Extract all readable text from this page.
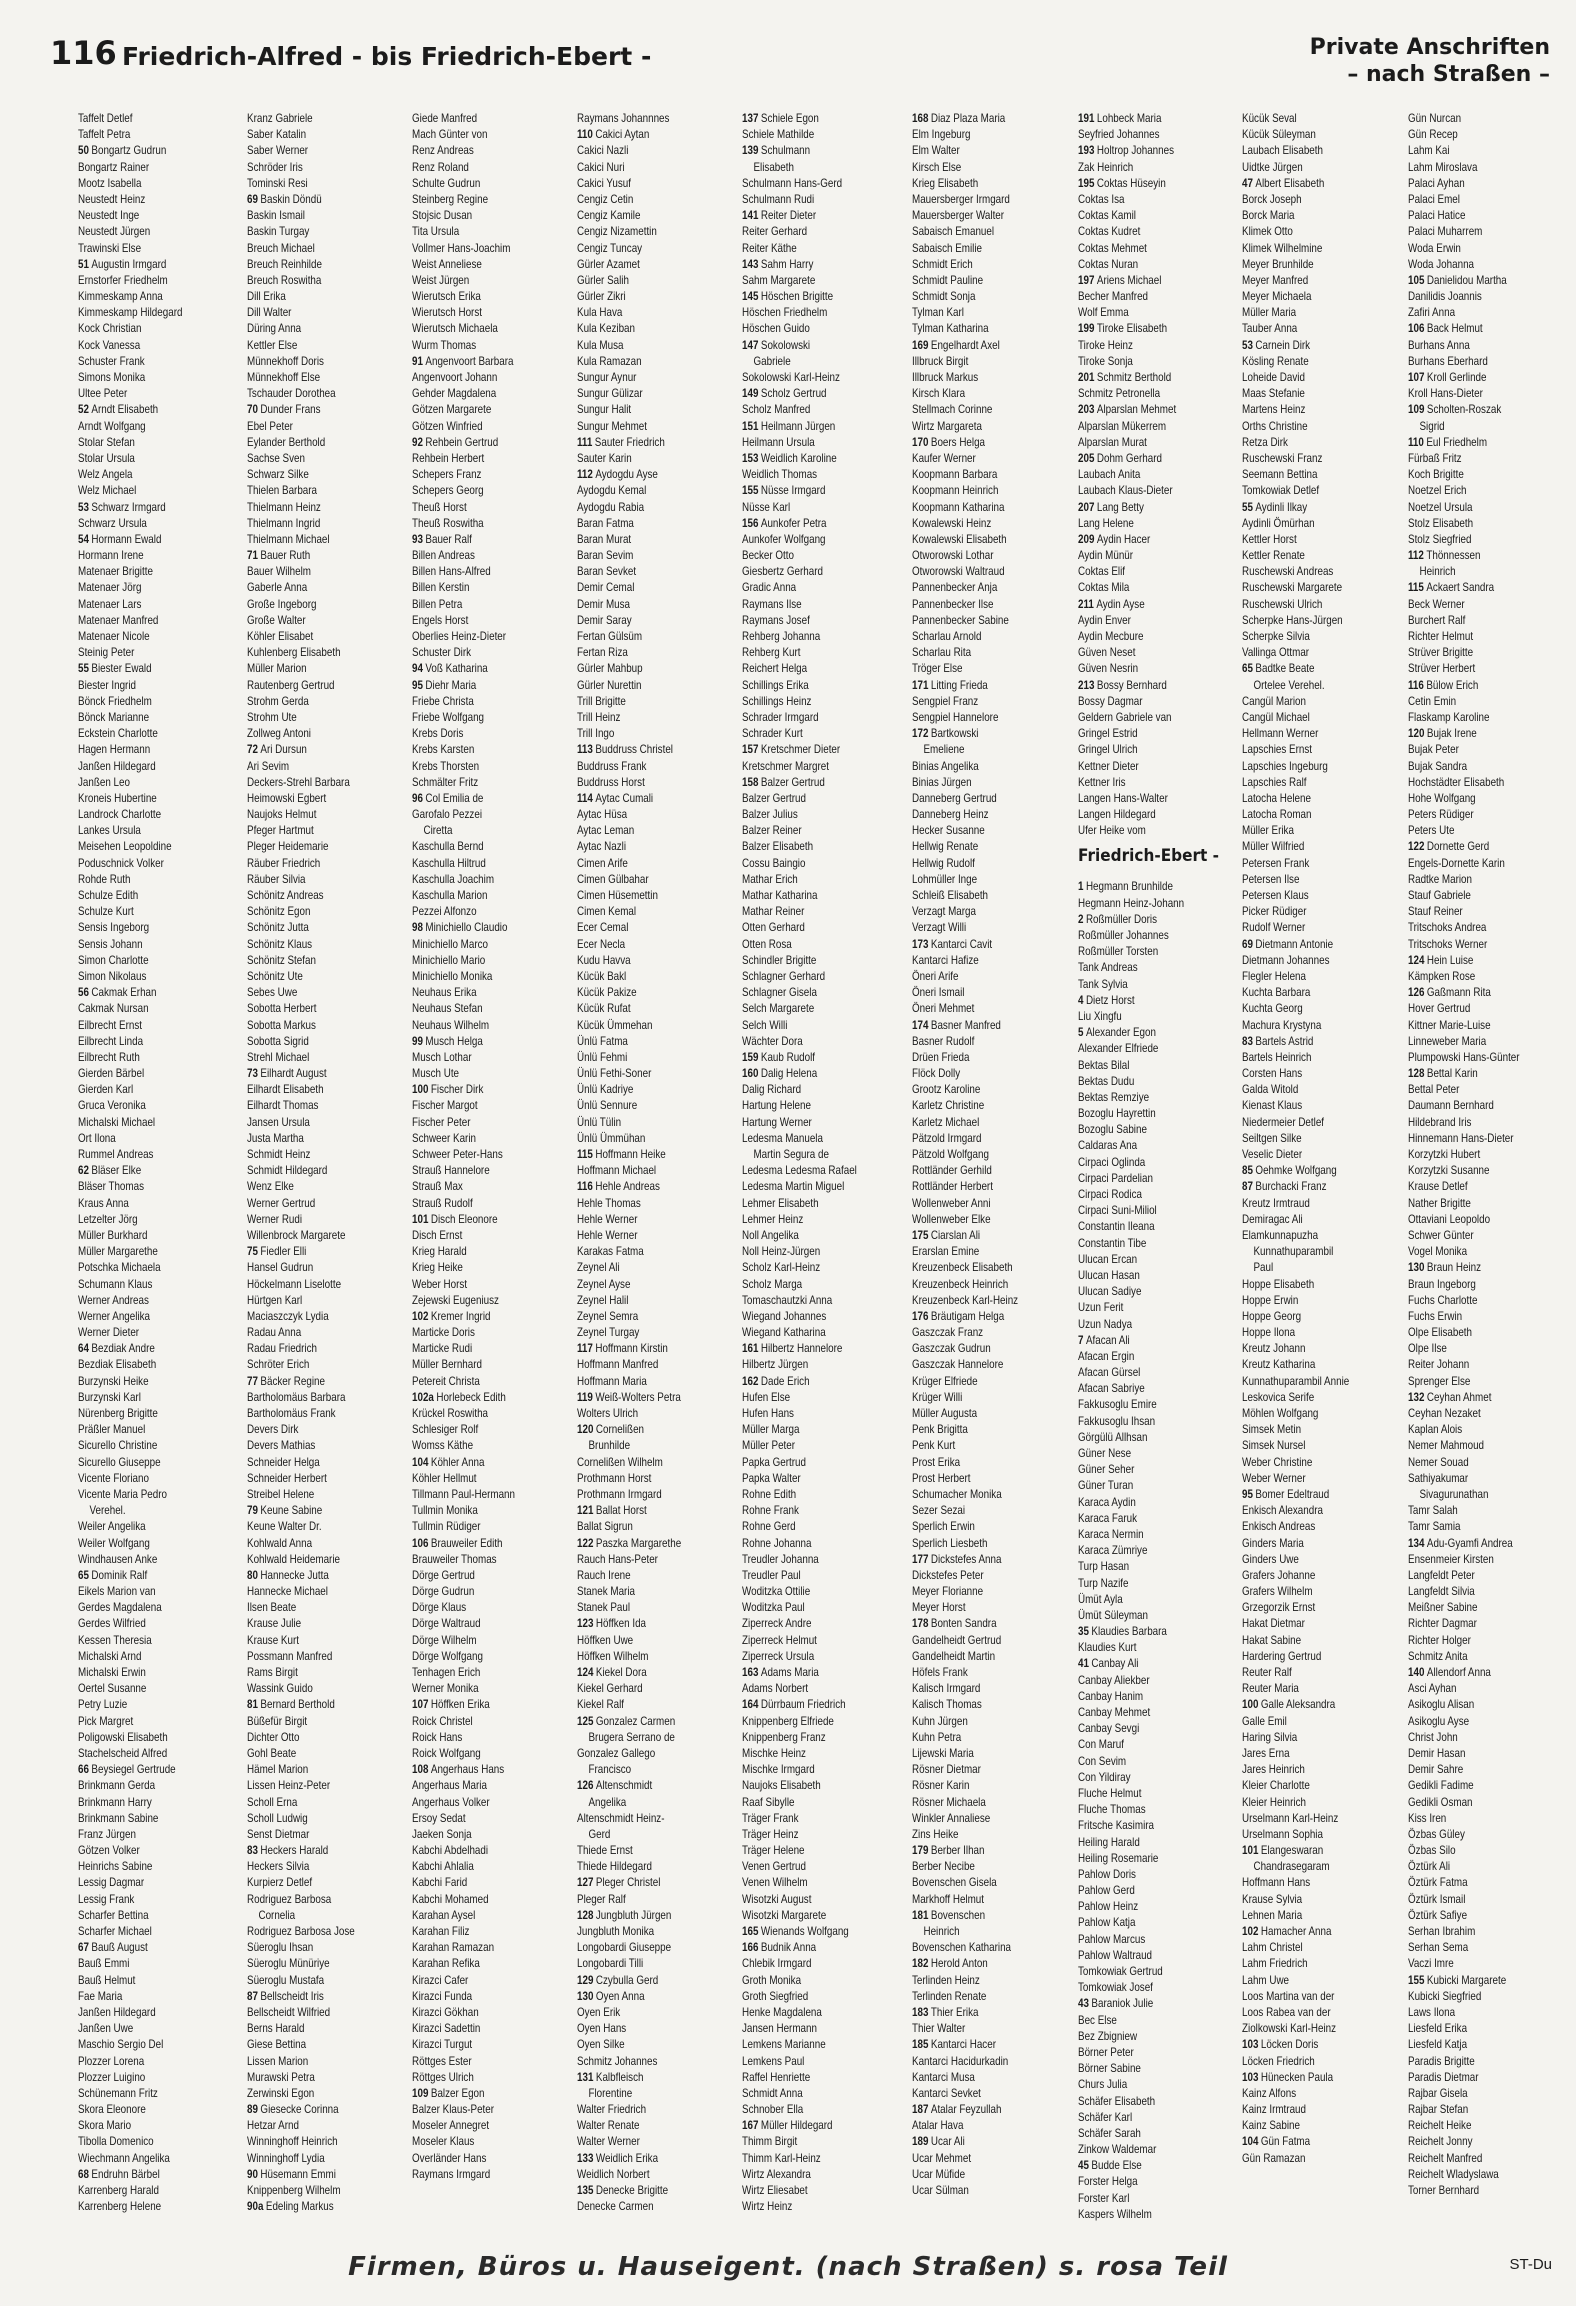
116 Friedrich-Alfred - bis Friedrich-Ebert -	Private Anschriften
– nach Straßen –
Taffelt Detlef
Taffelt Petra
50 Bongartz Gudrun
Bongartz Rainer
Mootz Isabella
Neustedt Heinz
Neustedt Inge
Neustedt Jürgen
Trawinski Else
51 Augustin Irmgard
Ernstorfer Friedhelm
Kimmeskamp Anna
Kimmeskamp Hildegard
Kock Christian
Kock Vanessa
Schuster Frank
Simons Monika
Ultee Peter
52 Arndt Elisabeth
Arndt Wolfgang
Stolar Stefan
Stolar Ursula
Welz Angela
Welz Michael
53 Schwarz Irmgard
Schwarz Ursula
54 Hormann Ewald
Hormann Irene
Matenaer Brigitte
Matenaer Jörg
Matenaer Lars
Matenaer Manfred
Matenaer Nicole
Steinig Peter
55 Biester Ewald
Biester Ingrid
Bönck Friedhelm
Bönck Marianne
Eckstein Charlotte
Hagen Hermann
Janßen Hildegard
Janßen Leo
Kroneis Hubertine
Landrock Charlotte
Lankes Ursula
Meisehen Leopoldine
Poduschnick Volker
Rohde Ruth
Schulze Edith
Schulze Kurt
Sensis Ingeborg
Sensis Johann
Simon Charlotte
Simon Nikolaus
56 Cakmak Erhan
Cakmak Nursan
Eilbrecht Ernst
Eilbrecht Linda
Eilbrecht Ruth
Gierden Bärbel
Gierden Karl
Gruca Veronika
Michalski Michael
Ort Ilona
Rummel Andreas
62 Bläser Elke
Bläser Thomas
Kraus Anna
Letzelter Jörg
Müller Burkhard
Müller Margarethe
Potschka Michaela
Schumann Klaus
Werner Andreas
Werner Angelika
Werner Dieter
64 Bezdiak Andre
Bezdiak Elisabeth
Burzynski Heike
Burzynski Karl
Nürenberg Brigitte
Präßler Manuel
Sicurello Christine
Sicurello Giuseppe
Vicente Floriano
Vicente Maria Pedro
Verehel.
Weiler Angelika
Weiler Wolfgang
Windhausen Anke
65 Dominik Ralf
Eikels Marion van
Gerdes Magdalena
Gerdes Wilfried
Kessen Theresia
Michalski Arnd
Michalski Erwin
Oertel Susanne
Petry Luzie
Pick Margret
Poligowski Elisabeth
Stachelscheid Alfred
66 Beysiegel Gertrude
Brinkmann Gerda
Brinkmann Harry
Brinkmann Sabine
Franz Jürgen
Götzen Volker
Heinrichs Sabine
Lessig Dagmar
Lessig Frank
Scharfer Bettina
Scharfer Michael
67 Bauß August
Bauß Emmi
Bauß Helmut
Fae Maria
Janßen Hildegard
Janßen Uwe
Maschio Sergio Del
Plozzer Lorena
Plozzer Luigino
Schünemann Fritz
Skora Eleonore
Skora Mario
Tibolla Domenico
Wiechmann Angelika
68 Endruhn Bärbel
Karrenberg Harald
Karrenberg Helene
Kranz Gabriele
Saber Katalin
Saber Werner
Schröder Iris
Tominski Resi
69 Baskin Döndü
Baskin Ismail
Baskin Turgay
Breuch Michael
Breuch Reinhilde
Breuch Roswitha
Dill Erika
Dill Walter
Düring Anna
Kettler Else
Münnekhoff Doris
Münnekhoff Else
Tschauder Dorothea
70 Dunder Frans
Ebel Peter
Eylander Berthold
Sachse Sven
Schwarz Silke
Thielen Barbara
Thielmann Heinz
Thielmann Ingrid
Thielmann Michael
71 Bauer Ruth
Bauer Wilhelm
Gaberle Anna
Große Ingeborg
Große Walter
Köhler Elisabet
Kuhlenberg Elisabeth
Müller Marion
Rautenberg Gertrud
Strohm Gerda
Strohm Ute
Zollweg Antoni
72 Ari Dursun
Ari Sevim
Deckers-Strehl Barbara
Heimowski Egbert
Naujoks Helmut
Pfeger Hartmut
Pleger Heidemarie
Räuber Friedrich
Räuber Silvia
Schönitz Andreas
Schönitz Egon
Schönitz Jutta
Schönitz Klaus
Schönitz Stefan
Schönitz Ute
Sebes Uwe
Sobotta Herbert
Sobotta Markus
Sobotta Sigrid
Strehl Michael
73 Eilhardt August
Eilhardt Elisabeth
Eilhardt Thomas
Jansen Ursula
Justa Martha
Schmidt Heinz
Schmidt Hildegard
Wenz Elke
Werner Gertrud
Werner Rudi
Willenbrock Margarete
75 Fiedler Elli
Hansel Gudrun
Höckelmann Liselotte
Hürtgen Karl
Maciaszczyk Lydia
Radau Anna
Radau Friedrich
Schröter Erich
77 Bäcker Regine
Bartholomäus Barbara
Bartholomäus Frank
Devers Dirk
Devers Mathias
Schneider Helga
Schneider Herbert
Streibel Helene
79 Keune Sabine
Keune Walter Dr.
Kohlwald Anna
Kohlwald Heidemarie
80 Hannecke Jutta
Hannecke Michael
Ilsen Beate
Krause Julie
Krause Kurt
Possmann Manfred
Rams Birgit
Wassink Guido
81 Bernard Berthold
Büßefür Birgit
Dichter Otto
Gohl Beate
Hämel Marion
Lissen Heinz-Peter
Scholl Erna
Scholl Ludwig
Senst Dietmar
83 Heckers Harald
Heckers Silvia
Kurpierz Detlef
Rodriguez Barbosa
Cornelia
Rodriguez Barbosa Jose
Süeroglu Ihsan
Süeroglu Münüriye
Süeroglu Mustafa
87 Bellscheidt Iris
Bellscheidt Wilfried
Berns Harald
Giese Bettina
Lissen Marion
Murawski Petra
Zerwinski Egon
89 Giesecke Corinna
Hetzar Arnd
Winninghoff Heinrich
Winninghoff Lydia
90 Hüsemann Emmi
Knippenberg Wilhelm
90a Edeling Markus
Giede Manfred
Mach Günter von
Renz Andreas
Renz Roland
Schulte Gudrun
Steinberg Regine
Stojsic Dusan
Tita Ursula
Vollmer Hans-Joachim
Weist Anneliese
Weist Jürgen
Wierutsch Erika
Wierutsch Horst
Wierutsch Michaela
Wurm Thomas
91 Angenvoort Barbara
Angenvoort Johann
Gehder Magdalena
Götzen Margarete
Götzen Winfried
92 Rehbein Gertrud
Rehbein Herbert
Schepers Franz
Schepers Georg
Theuß Horst
Theuß Roswitha
93 Bauer Ralf
Billen Andreas
Billen Hans-Alfred
Billen Kerstin
Billen Petra
Engels Horst
Oberlies Heinz-Dieter
Schuster Dirk
94 Voß Katharina
95 Diehr Maria
Friebe Christa
Friebe Wolfgang
Krebs Doris
Krebs Karsten
Krebs Thorsten
Schmälter Fritz
96 Col Emilia de
Garofalo Pezzei
Ciretta
Kaschulla Bernd
Kaschulla Hiltrud
Kaschulla Joachim
Kaschulla Marion
Pezzei Alfonzo
98 Minichiello Claudio
Minichiello Marco
Minichiello Mario
Minichiello Monika
Neuhaus Erika
Neuhaus Stefan
Neuhaus Wilhelm
99 Musch Helga
Musch Lothar
Musch Ute
100 Fischer Dirk
Fischer Margot
Fischer Peter
Schweer Karin
Schweer Peter-Hans
Strauß Hannelore
Strauß Max
Strauß Rudolf
101 Disch Eleonore
Disch Ernst
Krieg Harald
Krieg Heike
Weber Horst
Zejewski Eugeniusz
102 Kremer Ingrid
Marticke Doris
Marticke Rudi
Müller Bernhard
Petereit Christa
102a Horlebeck Edith
Krückel Roswitha
Schlesiger Rolf
Womss Käthe
104 Köhler Anna
Köhler Hellmut
Tillmann Paul-Hermann
Tullmin Monika
Tullmin Rüdiger
106 Brauweiler Edith
Brauweiler Thomas
Dörge Gertrud
Dörge Gudrun
Dörge Klaus
Dörge Waltraud
Dörge Wilhelm
Dörge Wolfgang
Tenhagen Erich
Werner Monika
107 Höffken Erika
Roick Christel
Roick Hans
Roick Wolfgang
108 Angerhaus Hans
Angerhaus Maria
Angerhaus Volker
Ersoy Sedat
Jaeken Sonja
Kabchi Abdelhadi
Kabchi Ahlalia
Kabchi Farid
Kabchi Mohamed
Karahan Aysel
Karahan Filiz
Karahan Ramazan
Karahan Refika
Kirazci Cafer
Kirazci Funda
Kirazci Gökhan
Kirazci Sadettin
Kirazci Turgut
Röttges Ester
Röttges Ulrich
109 Balzer Egon
Balzer Klaus-Peter
Moseler Annegret
Moseler Klaus
Overländer Hans
Raymans Irmgard
Raymans Johannnes
110 Cakici Aytan
Cakici Nazli
Cakici Nuri
Cakici Yusuf
Cengiz Cetin
Cengiz Kamile
Cengiz Nizamettin
Cengiz Tuncay
Gürler Azamet
Gürler Salih
Gürler Zikri
Kula Hava
Kula Keziban
Kula Musa
Kula Ramazan
Sungur Aynur
Sungur Gülizar
Sungur Halit
Sungur Mehmet
111 Sauter Friedrich
Sauter Karin
112 Aydogdu Ayse
Aydogdu Kemal
Aydogdu Rabia
Baran Fatma
Baran Murat
Baran Sevim
Baran Sevket
Demir Cemal
Demir Musa
Demir Saray
Fertan Gülsüm
Fertan Riza
Gürler Mahbup
Gürler Nurettin
Trill Brigitte
Trill Heinz
Trill Ingo
113 Buddruss Christel
Buddruss Frank
Buddruss Horst
114 Aytac Cumali
Aytac Hüsa
Aytac Leman
Aytac Nazli
Cimen Arife
Cimen Gülbahar
Cimen Hüsemettin
Cimen Kemal
Ecer Cemal
Ecer Necla
Kudu Havva
Kücük Bakl
Kücük Pakize
Kücük Rufat
Kücük Ümmehan
Ünlü Fatma
Ünlü Fehmi
Ünlü Fethi-Soner
Ünlü Kadriye
Ünlü Sennure
Ünlü Tülin
Ünlü Ümmühan
115 Hoffmann Heike
Hoffmann Michael
116 Hehle Andreas
Hehle Thomas
Hehle Werner
Hehle Werner
Karakas Fatma
Zeynel Ali
Zeynel Ayse
Zeynel Halil
Zeynel Semra
Zeynel Turgay
117 Hoffmann Kirstin
Hoffmann Manfred
Hoffmann Maria
119 Weiß-Wolters Petra
Wolters Ulrich
120 Cornelißen
Brunhilde
Cornelißen Wilhelm
Prothmann Horst
Prothmann Irmgard
121 Ballat Horst
Ballat Sigrun
122 Paszka Margarethe
Rauch Hans-Peter
Rauch Irene
Stanek Maria
Stanek Paul
123 Höffken Ida
Höffken Uwe
Höffken Wilhelm
124 Kiekel Dora
Kiekel Gerhard
Kiekel Ralf
125 Gonzalez Carmen
Brugera Serrano de
Gonzalez Gallego
Francisco
126 Altenschmidt
Angelika
Altenschmidt Heinz-
Gerd
Thiede Ernst
Thiede Hildegard
127 Pleger Christel
Pleger Ralf
128 Jungbluth Jürgen
Jungbluth Monika
Longobardi Giuseppe
Longobardi Tilli
129 Czybulla Gerd
130 Oyen Anna
Oyen Erik
Oyen Hans
Oyen Silke
Schmitz Johannes
131 Kalbfleisch
Florentine
Walter Friedrich
Walter Renate
Walter Werner
133 Weidlich Erika
Weidlich Norbert
135 Denecke Brigitte
Denecke Carmen
137 Schiele Egon
Schiele Mathilde
139 Schulmann
Elisabeth
Schulmann Hans-Gerd
Schulmann Rudi
141 Reiter Dieter
Reiter Gerhard
Reiter Käthe
143 Sahm Harry
Sahm Margarete
145 Höschen Brigitte
Höschen Friedhelm
Höschen Guido
147 Sokolowski
Gabriele
Sokolowski Karl-Heinz
149 Scholz Gertrud
Scholz Manfred
151 Heilmann Jürgen
Heilmann Ursula
153 Weidlich Karoline
Weidlich Thomas
155 Nüsse Irmgard
Nüsse Karl
156 Aunkofer Petra
Aunkofer Wolfgang
Becker Otto
Giesbertz Gerhard
Gradic Anna
Raymans Ilse
Raymans Josef
Rehberg Johanna
Rehberg Kurt
Reichert Helga
Schillings Erika
Schillings Heinz
Schrader Irmgard
Schrader Kurt
157 Kretschmer Dieter
Kretschmer Margret
158 Balzer Gertrud
Balzer Gertrud
Balzer Julius
Balzer Reiner
Balzer Elisabeth
Cossu Baingio
Mathar Erich
Mathar Katharina
Mathar Reiner
Otten Gerhard
Otten Rosa
Schindler Brigitte
Schlagner Gerhard
Schlagner Gisela
Selch Margarete
Selch Willi
Wächter Dora
159 Kaub Rudolf
160 Dalig Helena
Dalig Richard
Hartung Helene
Hartung Werner
Ledesma Manuela
Martin Segura de
Ledesma Ledesma Rafael
Ledesma Martin Miguel
Lehmer Elisabeth
Lehmer Heinz
Noll Angelika
Noll Heinz-Jürgen
Scholz Karl-Heinz
Scholz Marga
Tomaschautzki Anna
Wiegand Johannes
Wiegand Katharina
161 Hilbertz Hannelore
Hilbertz Jürgen
162 Dade Erich
Hufen Else
Hufen Hans
Müller Marga
Müller Peter
Papka Gertrud
Papka Walter
Rohne Edith
Rohne Frank
Rohne Gerd
Rohne Johanna
Treudler Johanna
Treudler Paul
Woditzka Ottilie
Woditzka Paul
Ziperreck Andre
Ziperreck Helmut
Ziperreck Ursula
163 Adams Maria
Adams Norbert
164 Dürrbaum Friedrich
Knippenberg Elfriede
Knippenberg Franz
Mischke Heinz
Mischke Irmgard
Naujoks Elisabeth
Raaf Sibylle
Träger Frank
Träger Heinz
Träger Helene
Venen Gertrud
Venen Wilhelm
Wisotzki August
Wisotzki Margarete
165 Wienands Wolfgang
166 Budnik Anna
Chlebik Irmgard
Groth Monika
Groth Siegfried
Henke Magdalena
Jansen Hermann
Lemkens Marianne
Lemkens Paul
Raffel Henriette
Schmidt Anna
Schnober Ella
167 Müller Hildegard
Thimm Birgit
Thimm Karl-Heinz
Wirtz Alexandra
Wirtz Eliesabet
Wirtz Heinz
168 Diaz Plaza Maria
Elm Ingeburg
Elm Walter
Kirsch Else
Krieg Elisabeth
Mauersberger Irmgard
Mauersberger Walter
Sabaisch Emanuel
Sabaisch Emilie
Schmidt Erich
Schmidt Pauline
Schmidt Sonja
Tylman Karl
Tylman Katharina
169 Engelhardt Axel
Illbruck Birgit
Illbruck Markus
Kirsch Klara
Stellmach Corinne
Wirtz Margareta
170 Boers Helga
Kaufer Werner
Koopmann Barbara
Koopmann Heinrich
Koopmann Katharina
Kowalewski Heinz
Kowalewski Elisabeth
Otworowski Lothar
Otworowski Waltraud
Pannenbecker Anja
Pannenbecker Ilse
Pannenbecker Sabine
Scharlau Arnold
Scharlau Rita
Tröger Else
171 Litting Frieda
Sengpiel Franz
Sengpiel Hannelore
172 Bartkowski
Emeliene
Binias Angelika
Binias Jürgen
Danneberg Gertrud
Danneberg Heinz
Hecker Susanne
Hellwig Renate
Hellwig Rudolf
Lohmüller Inge
Schleiß Elisabeth
Verzagt Marga
Verzagt Willi
173 Kantarci Cavit
Kantarci Hafize
Öneri Arife
Öneri Ismail
Öneri Mehmet
174 Basner Manfred
Basner Rudolf
Drüen Frieda
Flöck Dolly
Grootz Karoline
Karletz Christine
Karletz Michael
Pätzold Irmgard
Pätzold Wolfgang
Rottländer Gerhild
Rottländer Herbert
Wollenweber Anni
Wollenweber Elke
175 Ciarslan Ali
Erarslan Emine
Kreuzenbeck Elisabeth
Kreuzenbeck Heinrich
Kreuzenbeck Karl-Heinz
176 Bräutigam Helga
Gaszczak Franz
Gaszczak Gudrun
Gaszczak Hannelore
Krüger Elfriede
Krüger Willi
Müller Augusta
Penk Brigitta
Penk Kurt
Prost Erika
Prost Herbert
Schumacher Monika
Sezer Sezai
Sperlich Erwin
Sperlich Liesbeth
177 Dickstefes Anna
Dickstefes Peter
Meyer Florianne
Meyer Horst
178 Bonten Sandra
Gandelheidt Gertrud
Gandelheidt Martin
Höfels Frank
Kalisch Irmgard
Kalisch Thomas
Kuhn Jürgen
Kuhn Petra
Lijewski Maria
Rösner Dietmar
Rösner Karin
Rösner Michaela
Winkler Annaliese
Zins Heike
179 Berber Ilhan
Berber Necibe
Bovenschen Gisela
Markhoff Helmut
181 Bovenschen
Heinrich
Bovenschen Katharina
182 Herold Anton
Terlinden Heinz
Terlinden Renate
183 Thier Erika
Thier Walter
185 Kantarci Hacer
Kantarci Hacidurkadin
Kantarci Musa
Kantarci Sevket
187 Atalar Feyzullah
Atalar Hava
189 Ucar Ali
Ucar Mehmet
Ucar Müfide
Ucar Sülman
191 Lohbeck Maria
Seyfried Johannes
193 Holtrop Johannes
Zak Heinrich
195 Coktas Hüseyin
Coktas Isa
Coktas Kamil
Coktas Kudret
Coktas Mehmet
Coktas Nuran
197 Ariens Michael
Becher Manfred
Wolf Emma
199 Tiroke Elisabeth
Tiroke Heinz
Tiroke Sonja
201 Schmitz Berthold
Schmitz Petronella
203 Alparslan Mehmet
Alparslan Mükerrem
Alparslan Murat
205 Dohm Gerhard
Laubach Anita
Laubach Klaus-Dieter
207 Lang Betty
Lang Helene
209 Aydin Hacer
Aydin Münür
Coktas Elif
Coktas Mila
211 Aydin Ayse
Aydin Enver
Aydin Mecbure
Güven Neset
Güven Nesrin
213 Bossy Bernhard
Bossy Dagmar
Geldern Gabriele van
Gringel Estrid
Gringel Ulrich
Kettner Dieter
Kettner Iris
Langen Hans-Walter
Langen Hildegard
Ufer Heike vom
Friedrich-Ebert -
1 Hegmann Brunhilde
Hegmann Heinz-Johann
2 Roßmüller Doris
Roßmüller Johannes
Roßmüller Torsten
Tank Andreas
Tank Sylvia
4 Dietz Horst
Liu Xingfu
5 Alexander Egon
Alexander Elfriede
Bektas Bilal
Bektas Dudu
Bektas Remziye
Bozoglu Hayrettin
Bozoglu Sabine
Caldaras Ana
Cirpaci Oglinda
Cirpaci Pardelian
Cirpaci Rodica
Cirpaci Suni-Miliol
Constantin Ileana
Constantin Tibe
Ulucan Ercan
Ulucan Hasan
Ulucan Sadiye
Uzun Ferit
Uzun Nadya
7 Afacan Ali
Afacan Ergin
Afacan Gürsel
Afacan Sabriye
Fakkusoglu Emire
Fakkusoglu Ihsan
Görgülü Allhsan
Güner Nese
Güner Seher
Güner Turan
Karaca Aydin
Karaca Faruk
Karaca Nermin
Karaca Zümriye
Turp Hasan
Turp Nazife
Ümüt Ayla
Ümüt Süleyman
35 Klaudies Barbara
Klaudies Kurt
41 Canbay Ali
Canbay Aliekber
Canbay Hanim
Canbay Mehmet
Canbay Sevgi
Con Maruf
Con Sevim
Con Yildiray
Fluche Helmut
Fluche Thomas
Fritsche Kasimira
Heiling Harald
Heiling Rosemarie
Pahlow Doris
Pahlow Gerd
Pahlow Heinz
Pahlow Katja
Pahlow Marcus
Pahlow Waltraud
Tomkowiak Gertrud
Tomkowiak Josef
43 Baraniok Julie
Bec Else
Bez Zbigniew
Börner Peter
Börner Sabine
Churs Julia
Schäfer Elisabeth
Schäfer Karl
Schäfer Sarah
Zinkow Waldemar
45 Budde Else
Forster Helga
Forster Karl
Kaspers Wilhelm
Kücük Seval
Kücük Süleyman
Laubach Elisabeth
Uidtke Jürgen
47 Albert Elisabeth
Borck Joseph
Borck Maria
Klimek Otto
Klimek Wilhelmine
Meyer Brunhilde
Meyer Manfred
Meyer Michaela
Müller Maria
Tauber Anna
53 Carnein Dirk
Kösling Renate
Loheide David
Maas Stefanie
Martens Heinz
Orths Christine
Retza Dirk
Ruschewski Franz
Seemann Bettina
Tomkowiak Detlef
55 Aydinli Ilkay
Aydinli Ömürhan
Kettler Horst
Kettler Renate
Ruschewski Andreas
Ruschewski Margarete
Ruschewski Ulrich
Scherpke Hans-Jürgen
Scherpke Silvia
Vallinga Ottmar
65 Badtke Beate
Ortelee Verehel.
Cangül Marion
Cangül Michael
Hellmann Werner
Lapschies Ernst
Lapschies Ingeburg
Lapschies Ralf
Latocha Helene
Latocha Roman
Müller Erika
Müller Wilfried
Petersen Frank
Petersen Ilse
Petersen Klaus
Picker Rüdiger
Rudolf Werner
69 Dietmann Antonie
Dietmann Johannes
Flegler Helena
Kuchta Barbara
Kuchta Georg
Machura Krystyna
83 Bartels Astrid
Bartels Heinrich
Corsten Hans
Galda Witold
Kienast Klaus
Niedermeier Detlef
Seiltgen Silke
Veselic Dieter
85 Oehmke Wolfgang
87 Burchacki Franz
Kreutz Irmtraud
Demiragac Ali
Elamkunnapuzha
Kunnathuparambil
Paul
Hoppe Elisabeth
Hoppe Erwin
Hoppe Georg
Hoppe Ilona
Kreutz Johann
Kreutz Katharina
Kunnathuparambil Annie
Leskovica Serife
Möhlen Wolfgang
Simsek Metin
Simsek Nursel
Weber Christine
Weber Werner
95 Bomer Edeltraud
Enkisch Alexandra
Enkisch Andreas
Ginders Maria
Ginders Uwe
Grafers Johanne
Grafers Wilhelm
Grzegorzik Ernst
Hakat Dietmar
Hakat Sabine
Hardering Gertrud
Reuter Ralf
Reuter Maria
100 Galle Aleksandra
Galle Emil
Haring Silvia
Jares Erna
Jares Heinrich
Kleier Charlotte
Kleier Heinrich
Urselmann Karl-Heinz
Urselmann Sophia
101 Elangeswaran
Chandrasegaram
Hoffmann Hans
Krause Sylvia
Lehnen Maria
102 Hamacher Anna
Lahm Christel
Lahm Friedrich
Lahm Uwe
Loos Martina van der
Loos Rabea van der
Ziolkowski Karl-Heinz
103 Löcken Doris
Löcken Friedrich
103 Hünecken Paula
Kainz Alfons
Kainz Irmtraud
Kainz Sabine
104 Gün Fatma
Gün Ramazan
Gün Nurcan
Gün Recep
Lahm Kai
Lahm Miroslava
Palaci Ayhan
Palaci Emel
Palaci Hatice
Palaci Muharrem
Woda Erwin
Woda Johanna
105 Danielidou Martha
Danilidis Joannis
Zafiri Anna
106 Back Helmut
Burhans Anna
Burhans Eberhard
107 Kroll Gerlinde
Kroll Hans-Dieter
109 Scholten-Roszak
Sigrid
110 Eul Friedhelm
Fürbaß Fritz
Koch Brigitte
Noetzel Erich
Noetzel Ursula
Stolz Elisabeth
Stolz Siegfried
112 Thönnessen
Heinrich
115 Ackaert Sandra
Beck Werner
Burchert Ralf
Richter Helmut
Strüver Brigitte
Strüver Herbert
116 Bülow Erich
Cetin Emin
Flaskamp Karoline
120 Bujak Irene
Bujak Peter
Bujak Sandra
Hochstädter Elisabeth
Hohe Wolfgang
Peters Rüdiger
Peters Ute
122 Dornette Gerd
Engels-Dornette Karin
Radtke Marion
Stauf Gabriele
Stauf Reiner
Tritschoks Andrea
Tritschoks Werner
124 Hein Luise
Kämpken Rose
126 Gaßmann Rita
Hover Gertrud
Kittner Marie-Luise
Linneweber Maria
Plumpowski Hans-Günter
128 Bettal Karin
Bettal Peter
Daumann Bernhard
Hildebrand Iris
Hinnemann Hans-Dieter
Korzytzki Hubert
Korzytzki Susanne
Krause Detlef
Nather Brigitte
Ottaviani Leopoldo
Schwer Günter
Vogel Monika
130 Braun Heinz
Braun Ingeborg
Fuchs Charlotte
Fuchs Erwin
Olpe Elisabeth
Olpe Ilse
Reiter Johann
Sprenger Else
132 Ceyhan Ahmet
Ceyhan Nezaket
Kaplan Alois
Nemer Mahmoud
Nemer Souad
Sathiyakumar
Sivagurunathan
Tamr Salah
Tamr Samia
134 Adu-Gyamfi Andrea
Ensenmeier Kirsten
Langfeldt Peter
Langfeldt Silvia
Meißner Sabine
Richter Dagmar
Richter Holger
Schmitz Anita
140 Allendorf Anna
Asci Ayhan
Asikoglu Alisan
Asikoglu Ayse
Christ John
Demir Hasan
Demir Sahre
Gedikli Fadime
Gedikli Osman
Kiss Iren
Özbas Güley
Özbas Silo
Öztürk Ali
Öztürk Fatma
Öztürk Ismail
Öztürk Safiye
Serhan Ibrahim
Serhan Sema
Vaczi Imre
155 Kubicki Margarete
Kubicki Siegfried
Laws Ilona
Liesfeld Erika
Liesfeld Katja
Paradis Brigitte
Paradis Dietmar
Rajbar Gisela
Rajbar Stefan
Reichelt Heike
Reichelt Jonny
Reichelt Manfred
Reichelt Wladyslawa
Torner Bernhard
Firmen, Büros u. Hauseigent. (nach Straßen) s. rosa Teil	ST-Du
